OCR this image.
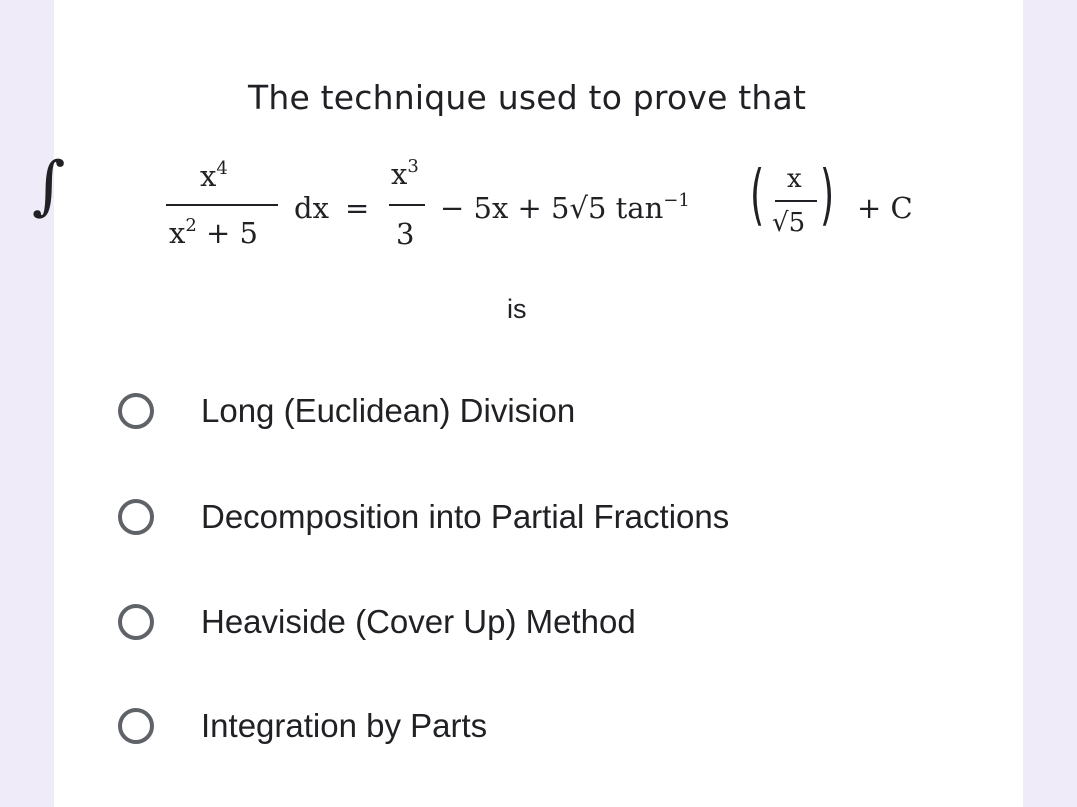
The technique used to prove that
∫	$x^4$
$x^2 + 5$
dx =
$x^3$
3
− 5x + 5√5 $\tan^{-1}$ ( x
√5 ) + C
is
Long (Euclidean) Division
Decomposition into Partial Fractions
Heaviside (Cover Up) Method
Integration by Parts
